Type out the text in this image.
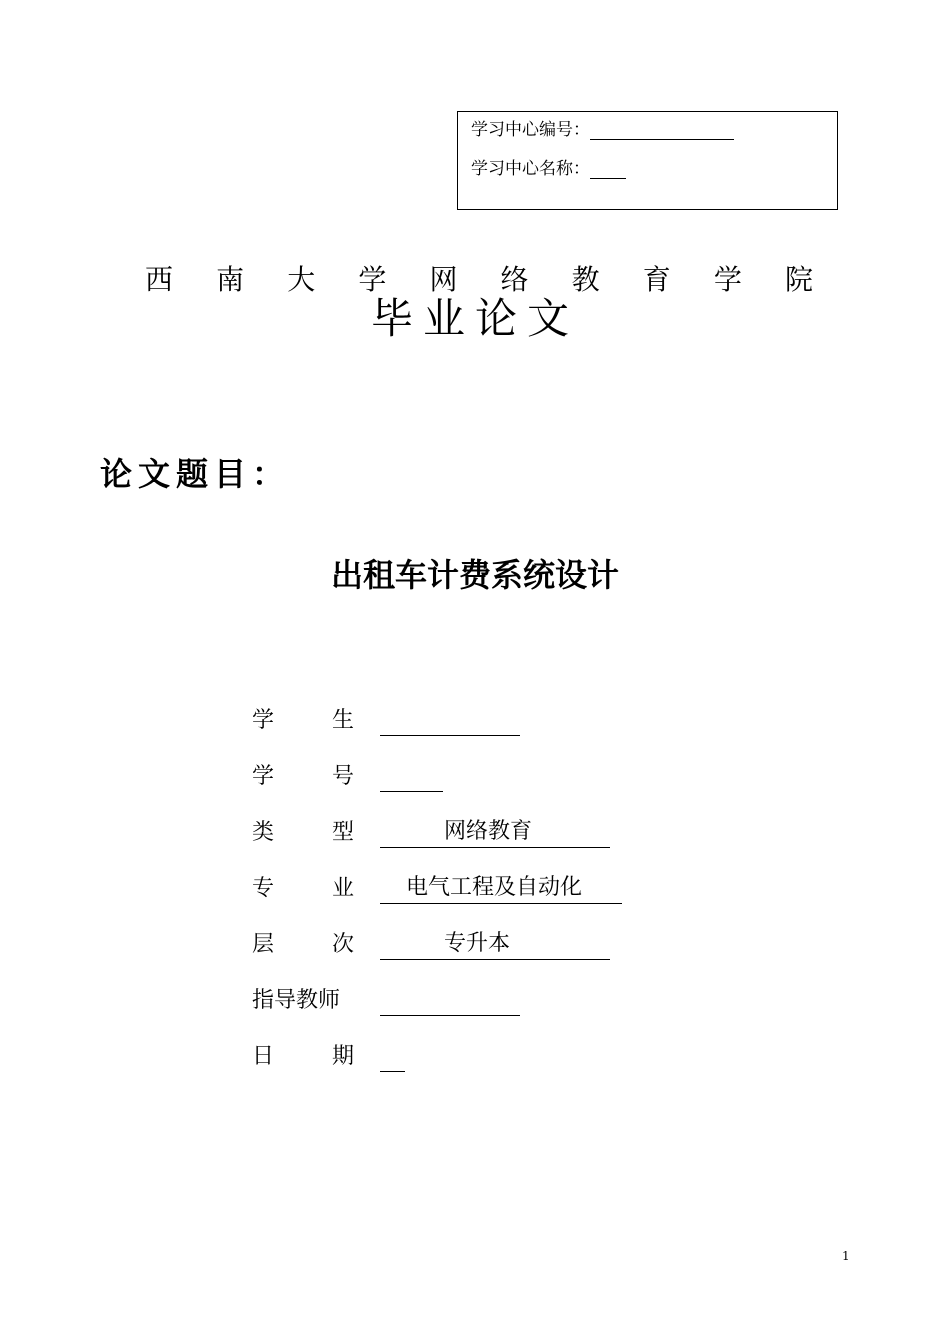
学习中心编号：
学习中心名称：
西 南 大 学 网 络 教 育 学 院
毕业论文
论文题目：
出租车计费系统设计
学	生
学	号
类	型	网络教育
专	业 电气工程及自动化
层	次	专升本
指导教师
日	期
1
